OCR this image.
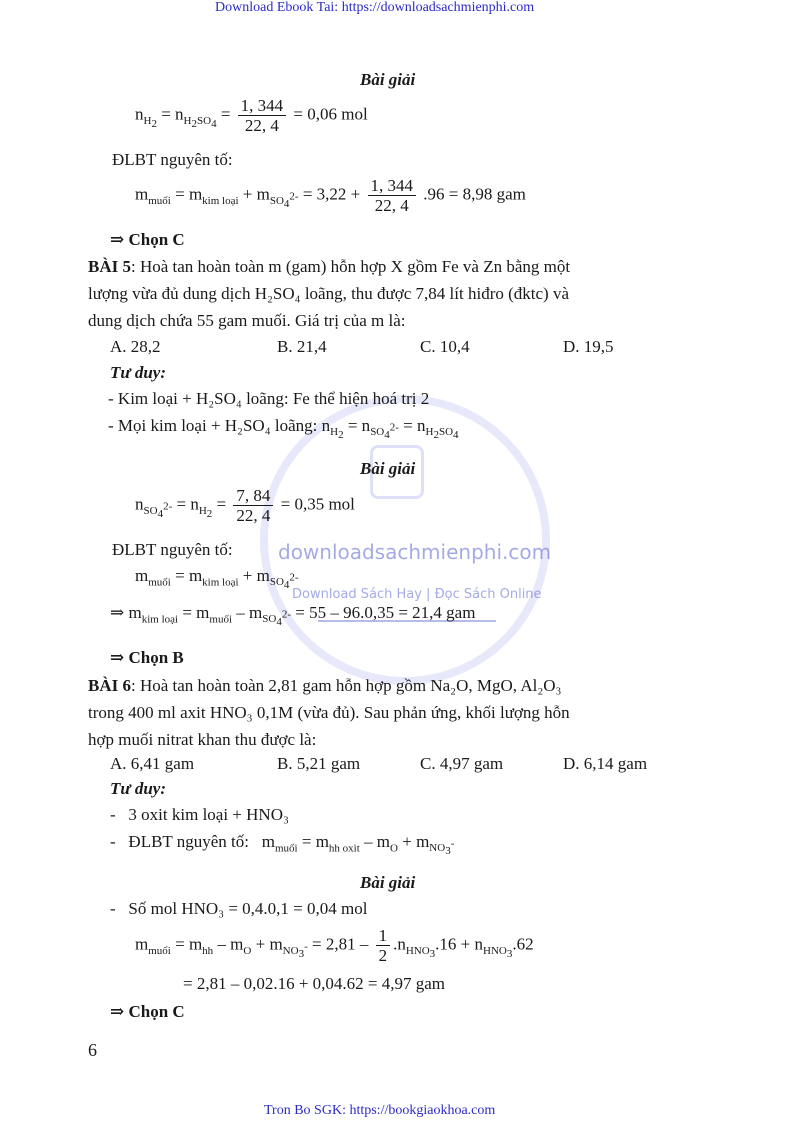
Download Ebook Tai: https://downloadsachmienphi.com
downloadsachmienphi.com
Download Sách Hay | Đọc Sách Online
Bài giải
$n_{H_2} = n_{H_2SO_4} = \frac{1, 344}{22, 4} = 0,06$ mol
ĐLBT nguyên tố:
$m_{muối} = m_{kim loại} + m_{SO_4^{2-}} = 3,22 + \frac{1, 344}{22, 4} .96 = 8,98$ gam
⇒ Chọn C
BÀI 5: Hoà tan hoàn toàn m (gam) hỗn hợp X gồm Fe và Zn bằng một
lượng vừa đủ dung dịch H₂SO₄ loãng, thu được 7,84 lít hiđro (đktc) và
dung dịch chứa 55 gam muối. Giá trị của m là:
A. 28,2	B. 21,4	C. 10,4	D. 19,5
Tư duy:
- Kim loại + H₂SO₄ loãng: Fe thể hiện hoá trị 2
- Mọi kim loại + H₂SO₄ loãng: $n_{H_2} = n_{SO_4^{2-}} = n_{H_2SO_4}$
Bài giải
$n_{SO_4^{2-}} = n_{H_2} = \frac{7, 84}{22, 4} = 0,35$ mol
ĐLBT nguyên tố:
$m_{muối} = m_{kim loại} + m_{SO_4^{2-}}$
⇒ $m_{kim loại} = m_{muối} - m_{SO_4^{2-}} = 55 - 96.0,35 = 21,4$ gam
⇒ Chọn B
BÀI 6: Hoà tan hoàn toàn 2,81 gam hỗn hợp gồm Na₂O, MgO, Al₂O₃
trong 400 ml axit HNO₃ 0,1M (vừa đủ). Sau phản ứng, khối lượng hỗn
hợp muối nitrat khan thu được là:
A. 6,41 gam	B. 5,21 gam	C. 4,97 gam	D. 6,14 gam
Tư duy:
-   3 oxit kim loại + HNO₃
-   ĐLBT nguyên tố:   $m_{muối} = m_{hh oxit} - m_O + m_{NO_3^-}$
Bài giải
-   Số mol HNO₃ = 0,4.0,1 = 0,04 mol
$m_{muối} = m_{hh} - m_O + m_{NO_3^-} = 2,81 - \frac{1}{2} .n_{HNO_3}.16 + n_{HNO_3}.62$
= 2,81 – 0,02.16 + 0,04.62 = 4,97 gam
⇒ Chọn C
6
Tron Bo SGK: https://bookgiaokhoa.com
